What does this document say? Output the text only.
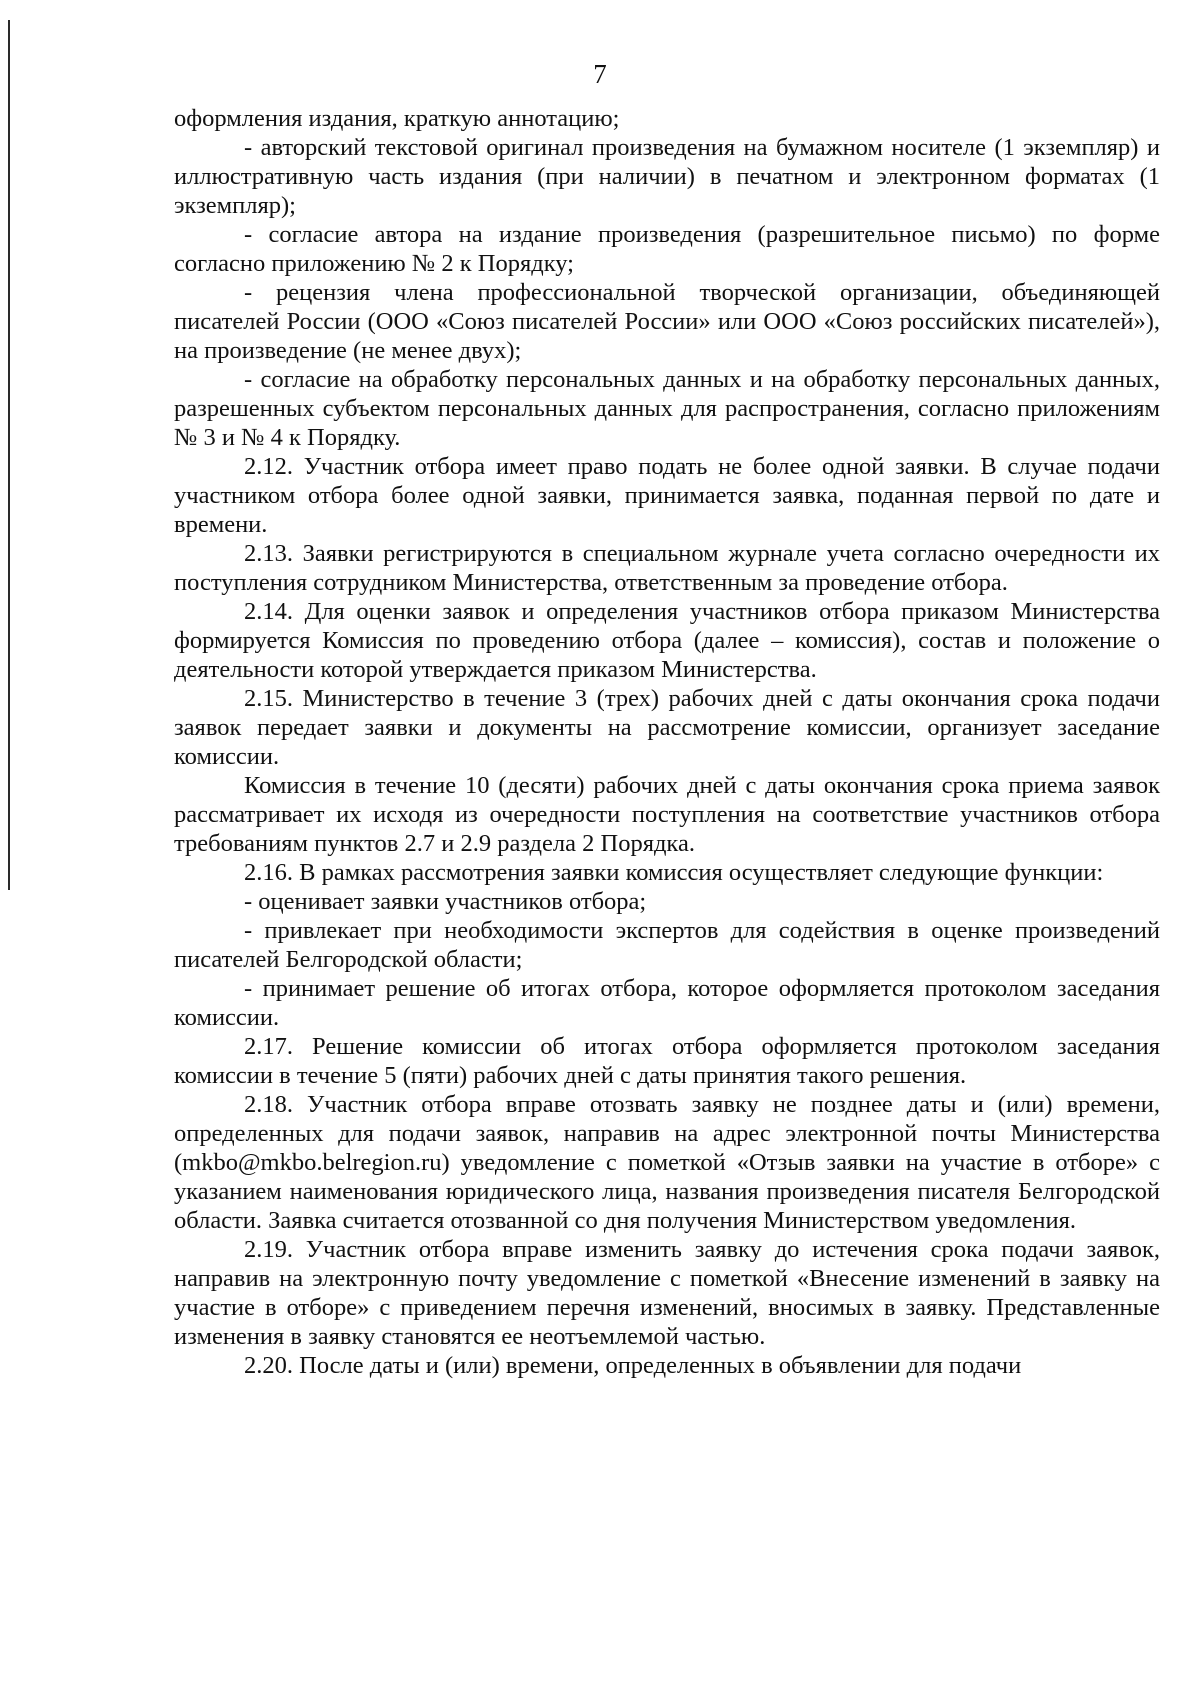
7

оформления издания, краткую аннотацию;

- авторский текстовой оригинал произведения на бумажном носителе (1 экземпляр) и иллюстративную часть издания (при наличии) в печатном и электронном форматах (1 экземпляр);

- согласие автора на издание произведения (разрешительное письмо) по форме согласно приложению № 2 к Порядку;

- рецензия члена профессиональной творческой организации, объединяющей писателей России (ООО «Союз писателей России» или ООО «Союз российских писателей»), на произведение (не менее двух);

- согласие на обработку персональных данных и на обработку персональных данных, разрешенных субъектом персональных данных для распространения, согласно приложениям № 3 и № 4 к Порядку.

2.12. Участник отбора имеет право подать не более одной заявки. В случае подачи участником отбора более одной заявки, принимается заявка, поданная первой по дате и времени.

2.13. Заявки регистрируются в специальном журнале учета согласно очередности их поступления сотрудником Министерства, ответственным за проведение отбора.

2.14. Для оценки заявок и определения участников отбора приказом Министерства формируется Комиссия по проведению отбора (далее – комиссия), состав и положение о деятельности которой утверждается приказом Министерства.

2.15. Министерство в течение 3 (трех) рабочих дней с даты окончания срока подачи заявок передает заявки и документы на рассмотрение комиссии, организует заседание комиссии.

Комиссия в течение 10 (десяти) рабочих дней с даты окончания срока приема заявок рассматривает их исходя из очередности поступления на соответствие участников отбора требованиям пунктов 2.7 и 2.9 раздела 2 Порядка.

2.16. В рамках рассмотрения заявки комиссия осуществляет следующие функции:

- оценивает заявки участников отбора;

- привлекает при необходимости экспертов для содействия в оценке произведений писателей Белгородской области;

- принимает решение об итогах отбора, которое оформляется протоколом заседания комиссии.

2.17. Решение комиссии об итогах отбора оформляется протоколом заседания комиссии в течение 5 (пяти) рабочих дней с даты принятия такого решения.

2.18. Участник отбора вправе отозвать заявку не позднее даты и (или) времени, определенных для подачи заявок, направив на адрес электронной почты Министерства (mkbo@mkbo.belregion.ru) уведомление с пометкой «Отзыв заявки на участие в отборе» с указанием наименования юридического лица, названия произведения писателя Белгородской области. Заявка считается отозванной со дня получения Министерством уведомления.

2.19. Участник отбора вправе изменить заявку до истечения срока подачи заявок, направив на электронную почту уведомление с пометкой «Внесение изменений в заявку на участие в отборе» с приведением перечня изменений, вносимых в заявку. Представленные изменения в заявку становятся ее неотъемлемой частью.

2.20. После даты и (или) времени, определенных в объявлении для подачи
